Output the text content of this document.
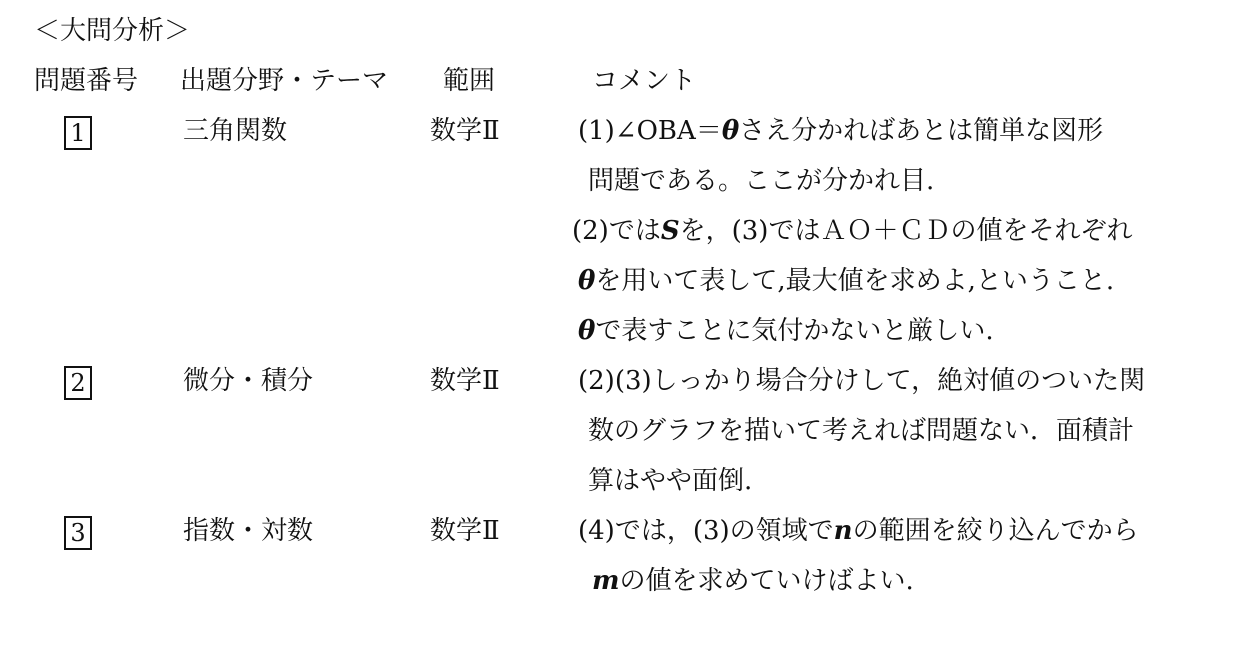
＜大問分析＞
問題番号 出題分野・テーマ 範囲	コメント
1	三角関数	数学Ⅱ	(1)∠OBA＝θさえ分かればあとは簡単な図形
問題である。ここが分かれ目.
(2)ではSを，(3)ではＡＯ＋ＣＤの値をそれぞれ
θを用いて表して,最大値を求めよ,ということ.
θで表すことに気付かないと厳しい.
2	微分・積分	数学Ⅱ	(2)(3)しっかり場合分けして，絶対値のついた関
数のグラフを描いて考えれば問題ない．面積計
算はやや面倒.
3	指数・対数	数学Ⅱ	(4)では，(3)の領域でnの範囲を絞り込んでから
mの値を求めていけばよい.
